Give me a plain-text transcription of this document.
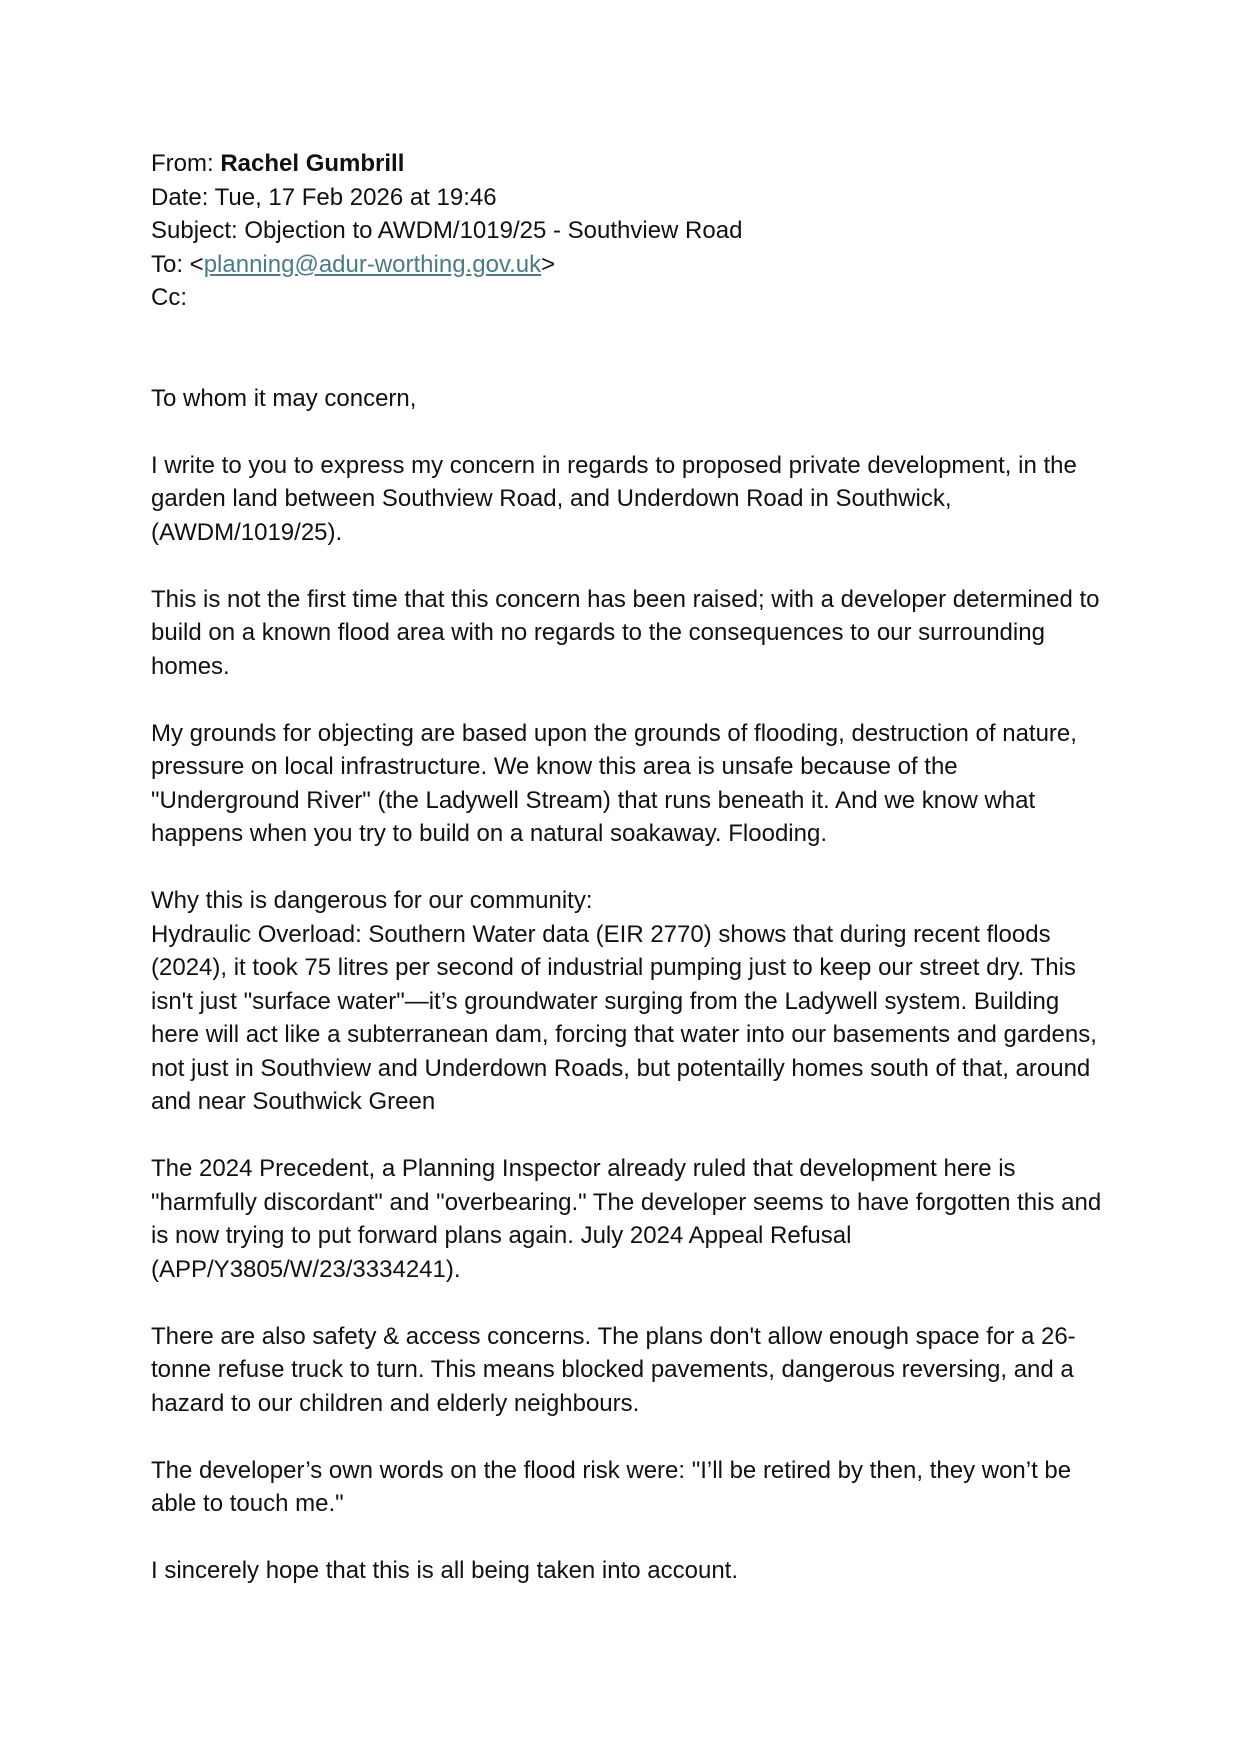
From: Rachel Gumbrill

Date: Tue, 17 Feb 2026 at 19:46

Subject: Objection to AWDM/1019/25 - Southview Road

To: <planning@adur-worthing.gov.uk>

Cc:

To whom it may concern,

I write to you to express my concern in regards to proposed private development, in the garden land between Southview Road, and Underdown Road in Southwick, (AWDM/1019/25).

This is not the first time that this concern has been raised; with a developer determined to build on a known flood area with no regards to the consequences to our surrounding homes.

My grounds for objecting are based upon the grounds of flooding, destruction of nature, pressure on local infrastructure. We know this area is unsafe because of the "Underground River" (the Ladywell Stream) that runs beneath it. And we know what happens when you try to build on a natural soakaway. Flooding.

Why this is dangerous for our community:

Hydraulic Overload: Southern Water data (EIR 2770) shows that during recent floods (2024), it took 75 litres per second of industrial pumping just to keep our street dry. This isn't just "surface water"—it’s groundwater surging from the Ladywell system. Building here will act like a subterranean dam, forcing that water into our basements and gardens, not just in Southview and Underdown Roads, but potentailly homes south of that, around and near Southwick Green

The 2024 Precedent, a Planning Inspector already ruled that development here is "harmfully discordant" and "overbearing." The developer seems to have forgotten this and is now trying to put forward plans again. July 2024 Appeal Refusal (APP/Y3805/W/23/3334241).

There are also safety & access concerns. The plans don't allow enough space for a 26-tonne refuse truck to turn. This means blocked pavements, dangerous reversing, and a hazard to our children and elderly neighbours.

The developer’s own words on the flood risk were: "I’ll be retired by then, they won’t be able to touch me."

I sincerely hope that this is all being taken into account.
